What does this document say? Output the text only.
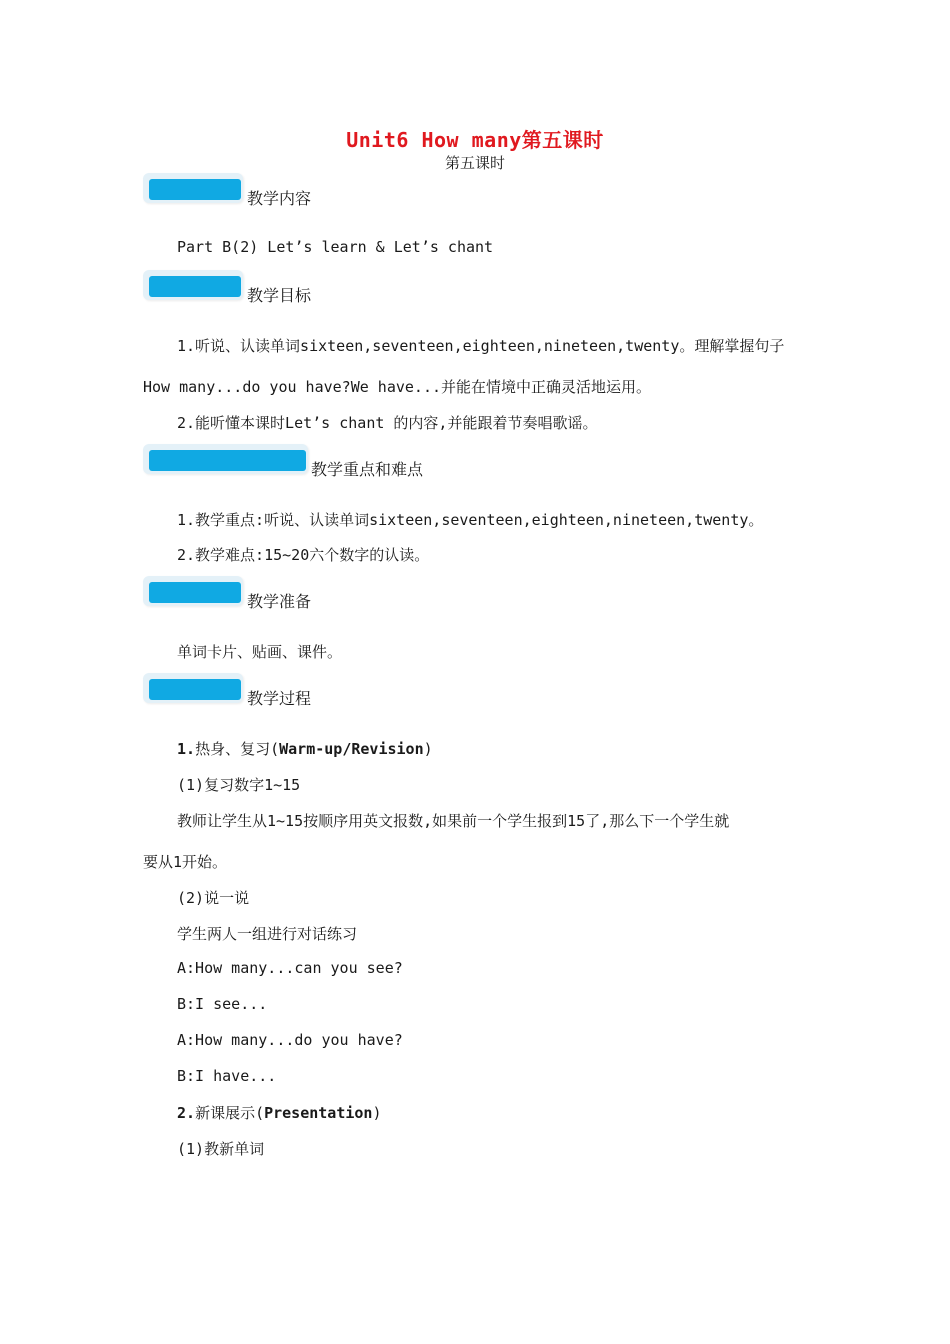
Unit6 How many第五课时
第五课时
教学内容
Part B(2) Let’s learn & Let’s chant
教学目标
1.听说、认读单词sixteen,seventeen,eighteen,nineteen,twenty。理解掌握句子
How many...do you have?We have...并能在情境中正确灵活地运用。
2.能听懂本课时Let’s chant 的内容,并能跟着节奏唱歌谣。
教学重点和难点
1.教学重点:听说、认读单词sixteen,seventeen,eighteen,nineteen,twenty。
2.教学难点:15~20六个数字的认读。
教学准备
单词卡片、贴画、课件。
教学过程
1.热身、复习(Warm-up/Revision)
(1)复习数字1~15
教师让学生从1~15按顺序用英文报数,如果前一个学生报到15了,那么下一个学生就
要从1开始。
(2)说一说
学生两人一组进行对话练习
A:How many...can you see?
B:I see...
A:How many...do you have?
B:I have...
2.新课展示(Presentation)
(1)教新单词
